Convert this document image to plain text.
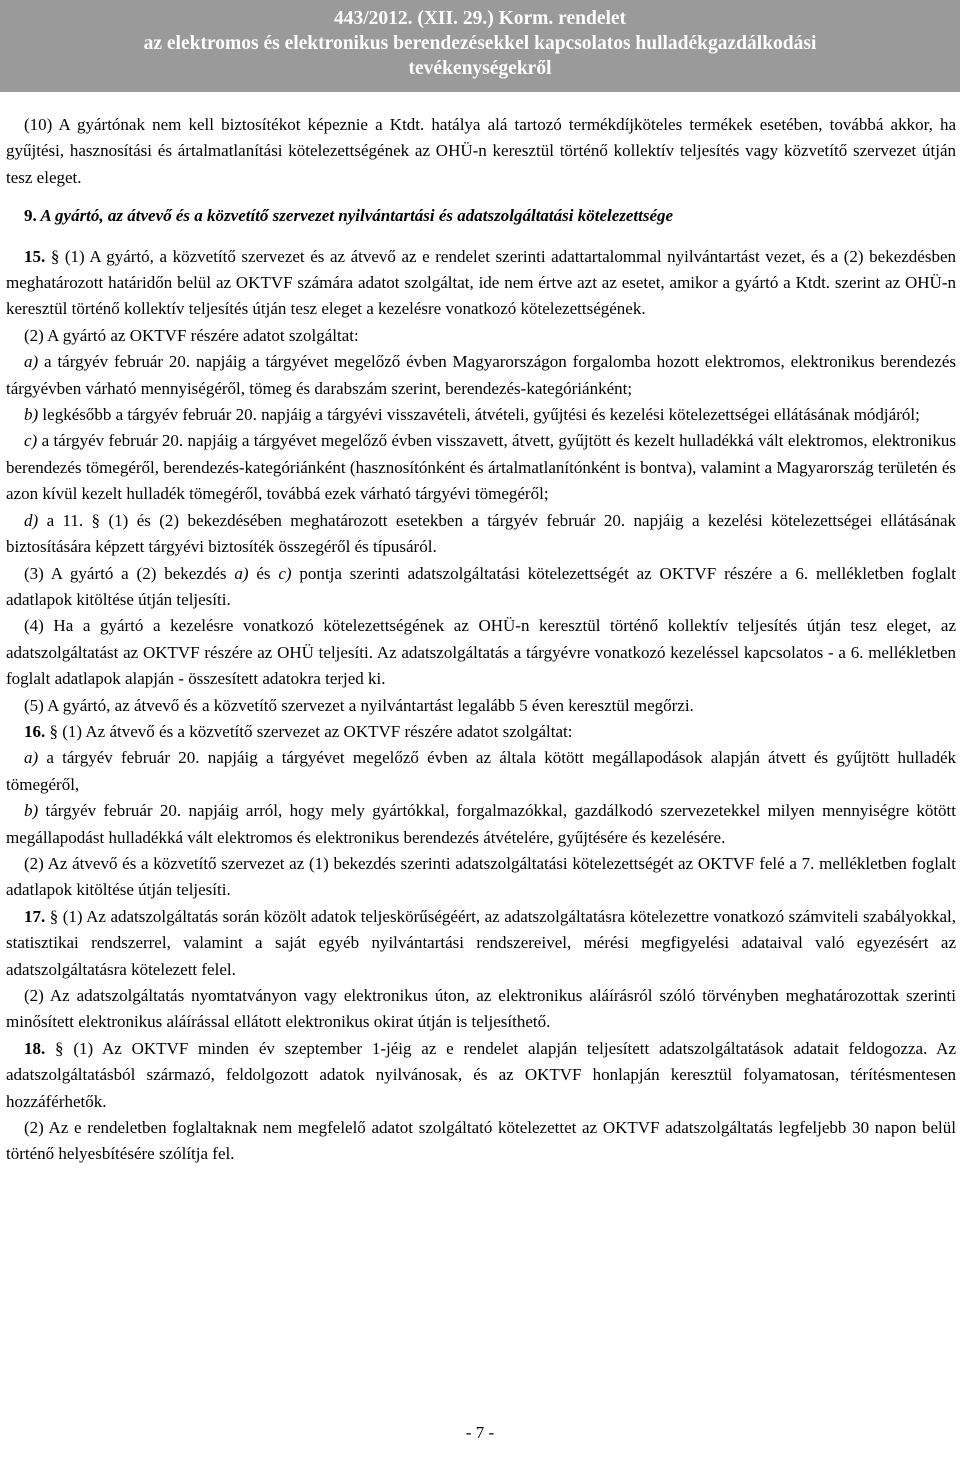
443/2012. (XII. 29.) Korm. rendelet
az elektromos és elektronikus berendezésekkel kapcsolatos hulladékgazdálkodási
tevékenységekről

(10) A gyártónak nem kell biztosítékot képeznie a Ktdt. hatálya alá tartozó termékdíjköteles termékek esetében, továbbá akkor, ha gyűjtési, hasznosítási és ártalmatlanítási kötelezettségének az OHÜ-n keresztül történő kollektív teljesítés vagy közvetítő szervezet útján tesz eleget.

9. A gyártó, az átvevő és a közvetítő szervezet nyilvántartási és adatszolgáltatási kötelezettsége

15. § (1) A gyártó, a közvetítő szervezet és az átvevő az e rendelet szerinti adattartalommal nyilvántartást vezet, és a (2) bekezdésben meghatározott határidőn belül az OKTVF számára adatot szolgáltat, ide nem értve azt az esetet, amikor a gyártó a Ktdt. szerint az OHÜ-n keresztül történő kollektív teljesítés útján tesz eleget a kezelésre vonatkozó kötelezettségének.

(2) A gyártó az OKTVF részére adatot szolgáltat:

a) a tárgyév február 20. napjáig a tárgyévet megelőző évben Magyarországon forgalomba hozott elektromos, elektronikus berendezés tárgyévben várható mennyiségéről, tömeg és darabszám szerint, berendezés-kategóriánként;

b) legkésőbb a tárgyév február 20. napjáig a tárgyévi visszavételi, átvételi, gyűjtési és kezelési kötelezettségei ellátásának módjáról;

c) a tárgyév február 20. napjáig a tárgyévet megelőző évben visszavett, átvett, gyűjtött és kezelt hulladékká vált elektromos, elektronikus berendezés tömegéről, berendezés-kategóriánként (hasznosítónként és ártalmatlanítónként is bontva), valamint a Magyarország területén és azon kívül kezelt hulladék tömegéről, továbbá ezek várható tárgyévi tömegéről;

d) a 11. § (1) és (2) bekezdésében meghatározott esetekben a tárgyév február 20. napjáig a kezelési kötelezettségei ellátásának biztosítására képzett tárgyévi biztosíték összegéről és típusáról.

(3) A gyártó a (2) bekezdés a) és c) pontja szerinti adatszolgáltatási kötelezettségét az OKTVF részére a 6. mellékletben foglalt adatlapok kitöltése útján teljesíti.

(4) Ha a gyártó a kezelésre vonatkozó kötelezettségének az OHÜ-n keresztül történő kollektív teljesítés útján tesz eleget, az adatszolgáltatást az OKTVF részére az OHÜ teljesíti. Az adatszolgáltatás a tárgyévre vonatkozó kezeléssel kapcsolatos - a 6. mellékletben foglalt adatlapok alapján - összesített adatokra terjed ki.

(5) A gyártó, az átvevő és a közvetítő szervezet a nyilvántartást legalább 5 éven keresztül megőrzi.

16. § (1) Az átvevő és a közvetítő szervezet az OKTVF részére adatot szolgáltat:

a) a tárgyév február 20. napjáig a tárgyévet megelőző évben az általa kötött megállapodások alapján átvett és gyűjtött hulladék tömegéről,

b) tárgyév február 20. napjáig arról, hogy mely gyártókkal, forgalmazókkal, gazdálkodó szervezetekkel milyen mennyiségre kötött megállapodást hulladékká vált elektromos és elektronikus berendezés átvételére, gyűjtésére és kezelésére.

(2) Az átvevő és a közvetítő szervezet az (1) bekezdés szerinti adatszolgáltatási kötelezettségét az OKTVF felé a 7. mellékletben foglalt adatlapok kitöltése útján teljesíti.

17. § (1) Az adatszolgáltatás során közölt adatok teljeskörűségéért, az adatszolgáltatásra kötelezettre vonatkozó számviteli szabályokkal, statisztikai rendszerrel, valamint a saját egyéb nyilvántartási rendszereivel, mérési megfigyelési adataival való egyezésért az adatszolgáltatásra kötelezett felel.

(2) Az adatszolgáltatás nyomtatványon vagy elektronikus úton, az elektronikus aláírásról szóló törvényben meghatározottak szerinti minősített elektronikus aláírással ellátott elektronikus okirat útján is teljesíthető.

18. § (1) Az OKTVF minden év szeptember 1-jéig az e rendelet alapján teljesített adatszolgáltatások adatait feldogozza. Az adatszolgáltatásból származó, feldolgozott adatok nyilvánosak, és az OKTVF honlapján keresztül folyamatosan, térítésmentesen hozzáférhetők.

(2) Az e rendeletben foglaltaknak nem megfelelő adatot szolgáltató kötelezettet az OKTVF adatszolgáltatás legfeljebb 30 napon belül történő helyesbítésére szólítja fel.

- 7 -
